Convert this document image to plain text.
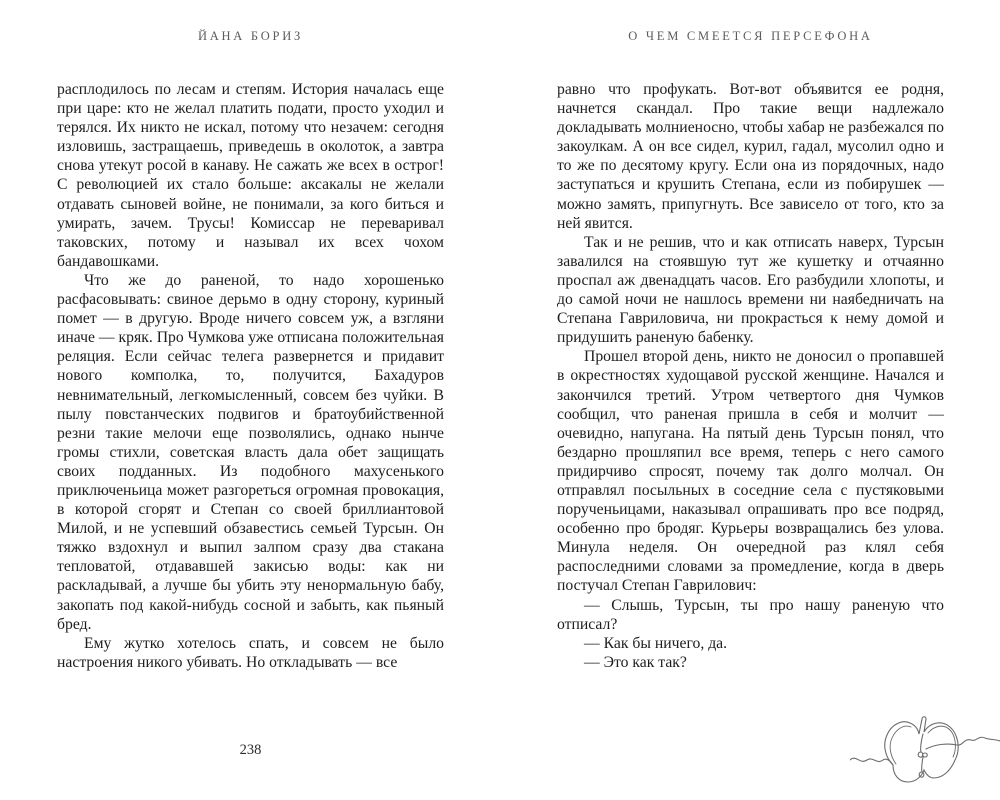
ЙАНА БОРИЗ

расплодилось по лесам и степям. История началась еще при царе: кто не желал платить подати, просто уходил и терялся. Их никто не искал, потому что незачем: сегодня изловишь, застращаешь, приведешь в околоток, а завтра снова утекут росой в канаву. Не сажать же всех в острог! С революцией их стало больше: аксакалы не желали отдавать сыновей войне, не понимали, за кого биться и умирать, зачем. Трусы! Комиссар не переваривал таковских, потому и называл их всех чохом бандавошками.

Что же до раненой, то надо хорошенько расфасовывать: свиное дерьмо в одну сторону, куриный помет — в другую. Вроде ничего совсем уж, а взгляни иначе — кряк. Про Чумкова уже отписана положительная реляция. Если сейчас телега развернется и придавит нового комполка, то, получится, Бахадуров невнимательный, легкомысленный, совсем без чуйки. В пылу повстанческих подвигов и братоубийственной резни такие мелочи еще позволялись, однако нынче громы стихли, советская власть дала обет защищать своих подданных. Из подобного махусенького приключеньица может разгореться огромная провокация, в которой сгорят и Степан со своей бриллиантовой Милой, и не успевший обзавестись семьей Турсын. Он тяжко вздохнул и выпил залпом сразу два стакана тепловатой, отдававшей закисью воды: как ни раскладывай, а лучше бы убить эту ненормальную бабу, закопать под какой-нибудь сосной и забыть, как пьяный бред.

Ему жутко хотелось спать, и совсем не было настроения никого убивать. Но откладывать — все

238
О ЧЕМ СМЕЕТСЯ ПЕРСЕФОНА

равно что профукать. Вот-вот объявится ее родня, начнется скандал. Про такие вещи надлежало докладывать молниеносно, чтобы хабар не разбежался по закоулкам. А он все сидел, курил, гадал, мусолил одно и то же по десятому кругу. Если она из порядочных, надо заступаться и крушить Степана, если из побирушек — можно замять, припугнуть. Все зависело от того, кто за ней явится.

Так и не решив, что и как отписать наверх, Турсын завалился на стоявшую тут же кушетку и отчаянно проспал аж двенадцать часов. Его разбудили хлопоты, и до самой ночи не нашлось времени ни наябедничать на Степана Гавриловича, ни прокрасться к нему домой и придушить раненую бабенку.

Прошел второй день, никто не доносил о пропавшей в окрестностях худощавой русской женщине. Начался и закончился третий. Утром четвертого дня Чумков сообщил, что раненая пришла в себя и молчит — очевидно, напугана. На пятый день Турсын понял, что бездарно прошляпил все время, теперь с него самого придирчиво спросят, почему так долго молчал. Он отправлял посыльных в соседние села с пустяковыми порученьицами, наказывал опрашивать про все подряд, особенно про бродяг. Курьеры возвращались без улова. Минула неделя. Он очередной раз клял себя распоследними словами за промедление, когда в дверь постучал Степан Гаврилович:

— Слышь, Турсын, ты про нашу раненую что отписал?

— Как бы ничего, да.

— Это как так?
